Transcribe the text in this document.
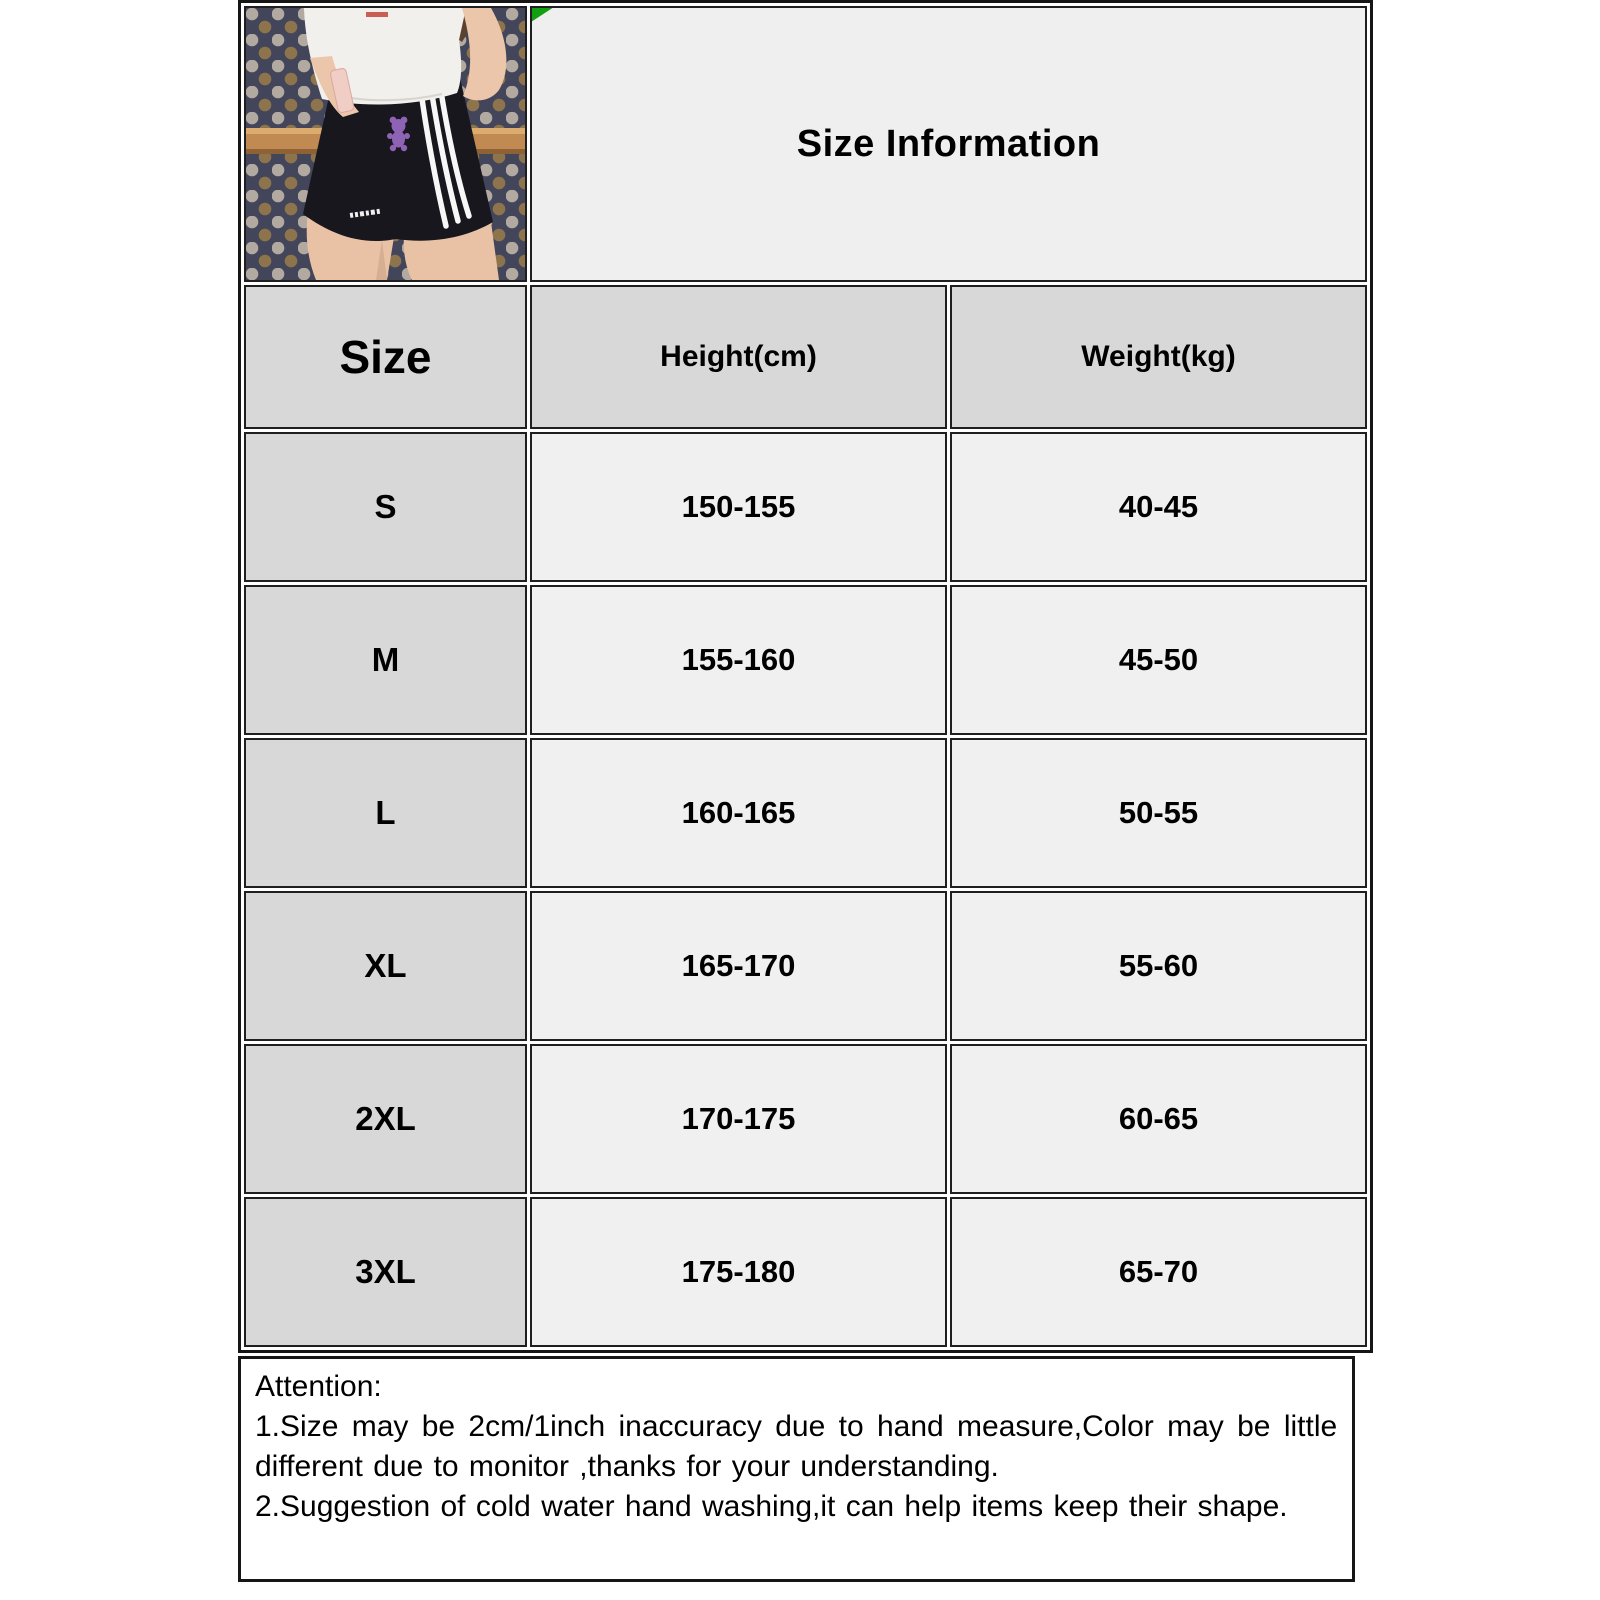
Size Information	
Size	Height(cm)	Weight(kg)
S	150-155	40-45
M	155-160	45-50
L	160-165	50-55
XL	165-170	55-60
2XL	170-175	60-65
3XL	175-180	65-70
Attention:
1.Size may be 2cm/1inch inaccuracy due to hand measure,Color may be little
different due to monitor ,thanks for your understanding.
2.Suggestion of cold water hand washing,it can help items keep their shape.
